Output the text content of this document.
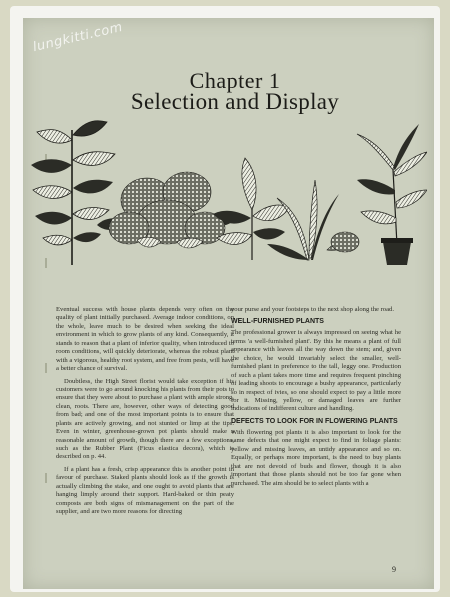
lungkitti.com
Chapter 1
Selection and Display

Eventual success with house plants depends very often on the quality of plant initially purchased. Average indoor conditions, on the whole, leave much to be desired when seeking the ideal environment in which to grow plants of any kind. Consequently, it stands to reason that a plant of inferior quality, when introduced to room conditions, will quickly deteriorate, whereas the robust plant with a vigorous, healthy root system, and free from pests, will have a better chance of survival.

Doubtless, the High Street florist would take exception if his customers were to go around knocking his plants from their pots to ensure that they were about to purchase a plant with ample strong, clean, roots. There are, however, other ways of detecting good from bad; and one of the most important points is to ensure that plants are actively growing, and not stunted or limp at the tips. Even in winter, greenhouse-grown pot plants should make a reasonable amount of growth, though there are a few exceptions, such as the Rubber Plant (Ficus elastica decora), which is described on p. 44.

If a plant has a fresh, crisp appearance this is another point in favour of purchase. Staked plants should look as if the growth is actually climbing the stake, and one ought to avoid plants that are hanging limply around their support. Hard-baked or thin peaty composts are both signs of mismanagement on the part of the supplier, and are two more reasons for directing

your purse and your footsteps to the next shop along the road.

WELL-FURNISHED PLANTS

The professional grower is always impressed on seeing what he terms 'a well-furnished plant'. By this he means a plant of full appearance with leaves all the way down the stem; and, given the choice, he would invariably select the smaller, well-furnished plant in preference to the tall, leggy one. Production of such a plant takes more time and requires frequent pinching of leading shoots to encourage a bushy appearance, particularly so in respect of ivies, so one should expect to pay a little more for it. Missing, yellow, or damaged leaves are further indications of indifferent culture and handling.

DEFECTS TO LOOK FOR IN FLOWERING PLANTS

With flowering pot plants it is also important to look for the same defects that one might expect to find in foliage plants: yellow and missing leaves, an untidy appearance and so on. Equally, or perhaps more important, is the need to buy plants that are not devoid of buds and flower, though it is also important that those plants should not be too far gone when purchased. The aim should be to select plants with a

9
